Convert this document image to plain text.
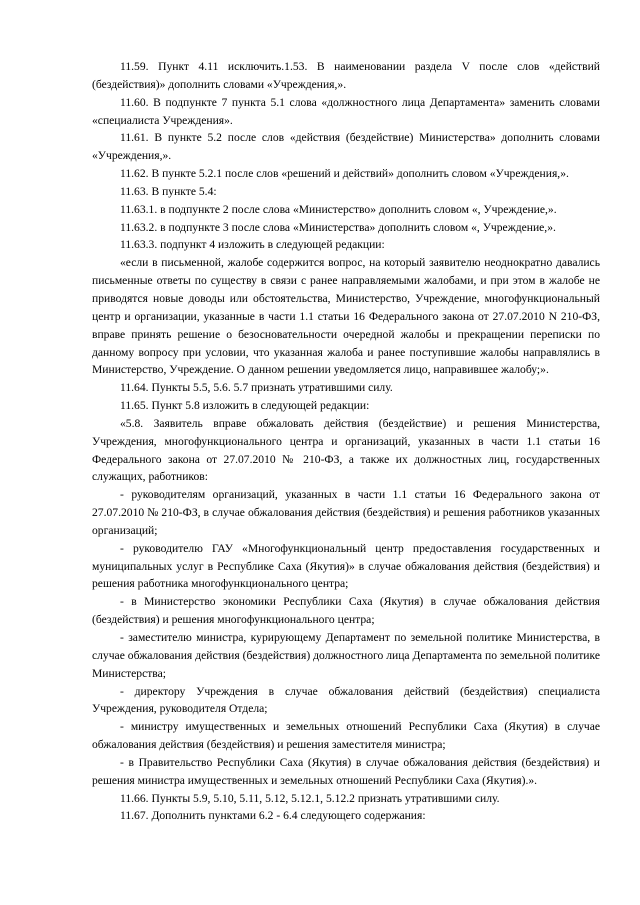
11.59. Пункт 4.11 исключить.1.53. В наименовании раздела V после слов «действий (бездействия)» дополнить словами «Учреждения,».

11.60. В подпункте 7 пункта 5.1 слова «должностного лица Департамента» заменить словами «специалиста Учреждения».

11.61. В пункте 5.2 после слов «действия (бездействие) Министерства» дополнить словами «Учреждения,».

11.62. В пункте 5.2.1 после слов «решений и действий» дополнить словом «Учреждения,».

11.63. В пункте 5.4:

11.63.1. в подпункте 2 после слова «Министерство» дополнить словом «, Учреждение,».

11.63.2. в подпункте 3 после слова «Министерства» дополнить словом «, Учреждение,».

11.63.3. подпункт 4 изложить в следующей редакции:

«если в письменной, жалобе содержится вопрос, на который заявителю неоднократно давались письменные ответы по существу в связи с ранее направляемыми жалобами, и при этом в жалобе не приводятся новые доводы или обстоятельства, Министерство, Учреждение, многофункциональный центр и организации, указанные в части 1.1 статьи 16 Федерального закона от 27.07.2010 N 210-ФЗ, вправе принять решение о безосновательности очередной жалобы и прекращении переписки по данному вопросу при условии, что указанная жалоба и ранее поступившие жалобы направлялись в Министерство, Учреждение. О данном решении уведомляется лицо, направившее жалобу;».

11.64. Пункты 5.5, 5.6. 5.7 признать утратившими силу.

11.65. Пункт 5.8 изложить в следующей редакции:

«5.8. Заявитель вправе обжаловать действия (бездействие) и решения Министерства, Учреждения, многофункционального центра и организаций, указанных в части 1.1 статьи 16 Федерального закона от 27.07.2010 № 210-ФЗ, а также их должностных лиц, государственных служащих, работников:

- руководителям организаций, указанных в части 1.1 статьи 16 Федерального закона от 27.07.2010 № 210-ФЗ, в случае обжалования действия (бездействия) и решения работников указанных организаций;

- руководителю ГАУ «Многофункциональный центр предоставления государственных и муниципальных услуг в Республике Саха (Якутия)» в случае обжалования действия (бездействия) и решения работника многофункционального центра;

- в Министерство экономики Республики Саха (Якутия) в случае обжалования действия (бездействия) и решения многофункционального центра;

- заместителю министра, курирующему Департамент по земельной политике Министерства, в случае обжалования действия (бездействия) должностного лица Департамента по земельной политике Министерства;

- директору Учреждения в случае обжалования действий (бездействия) специалиста Учреждения, руководителя Отдела;

- министру имущественных и земельных отношений Республики Саха (Якутия) в случае обжалования действия (бездействия) и решения заместителя министра;

- в Правительство Республики Саха (Якутия) в случае обжалования действия (бездействия) и решения министра имущественных и земельных отношений Республики Саха (Якутия).».

11.66. Пункты 5.9, 5.10, 5.11, 5.12, 5.12.1, 5.12.2 признать утратившими силу.

11.67. Дополнить пунктами 6.2 - 6.4 следующего содержания:
